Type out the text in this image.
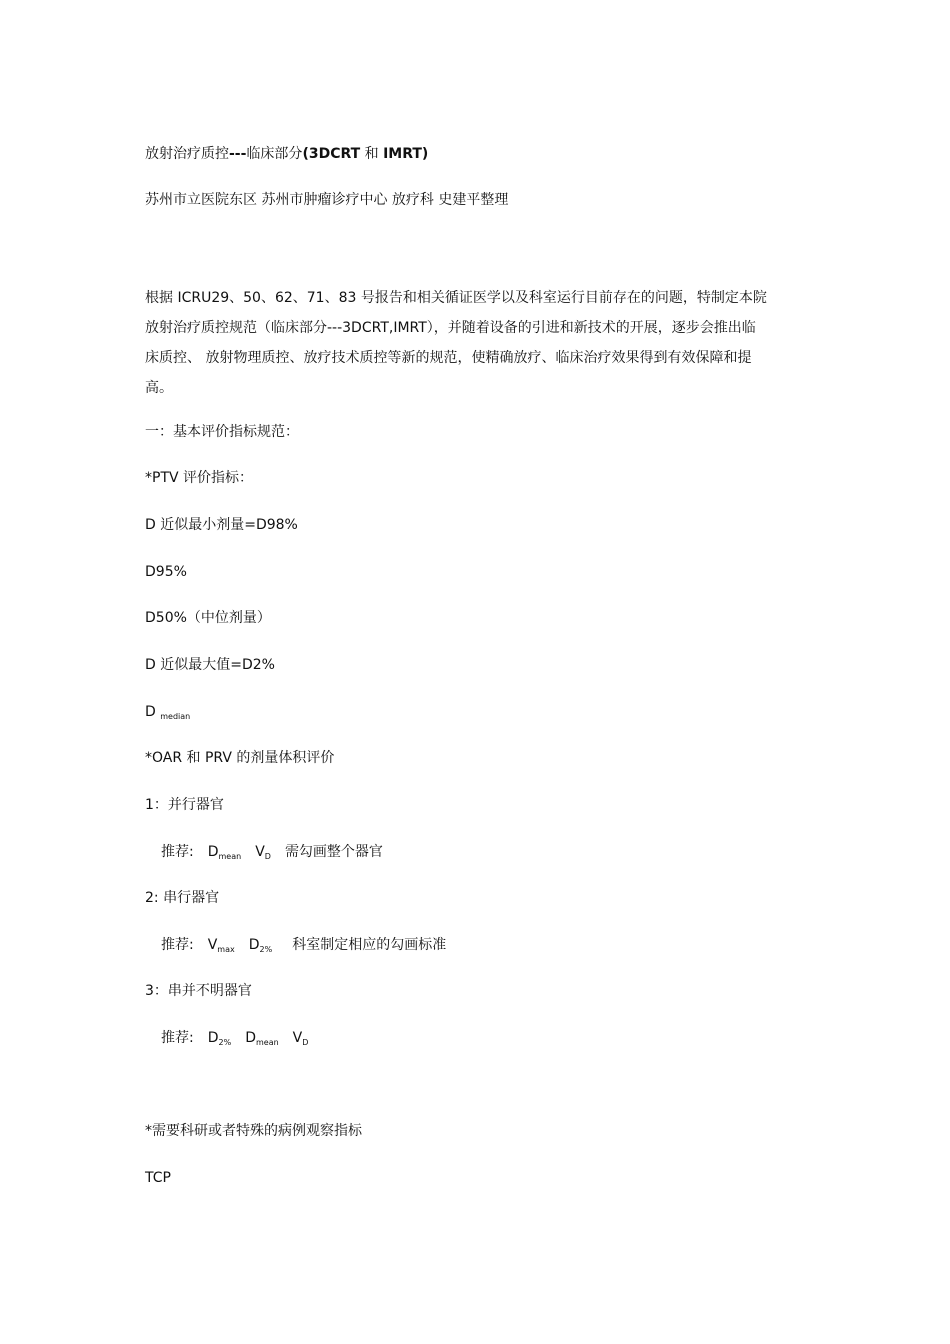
放射治疗质控---临床部分(3DCRT 和 IMRT)
苏州市立医院东区 苏州市肿瘤诊疗中心 放疗科 史建平整理
根据 ICRU29、50、62、71、83 号报告和相关循证医学以及科室运行目前存在的问题，特制定本院
放射治疗质控规范（临床部分---3DCRT,IMRT），并随着设备的引进和新技术的开展，逐步会推出临
床质控、 放射物理质控、放疗技术质控等新的规范，使精确放疗、临床治疗效果得到有效保障和提
高。
一：基本评价指标规范：
*PTV 评价指标：
D 近似最小剂量=D98%
D95%
D50%（中位剂量）
D 近似最大值=D2%
D $_{median}$
*OAR 和 PRV 的剂量体积评价
1：并行器官
推荐: $D_{mean}$ $V_D$ 需勾画整个器官
2: 串行器官
推荐: $V_{max}$ $D_{2\%}$ 科室制定相应的勾画标准
3：串并不明器官
推荐: $D_{2\%}$ $D_{mean}$ $V_D$
*需要科研或者特殊的病例观察指标
TCP
